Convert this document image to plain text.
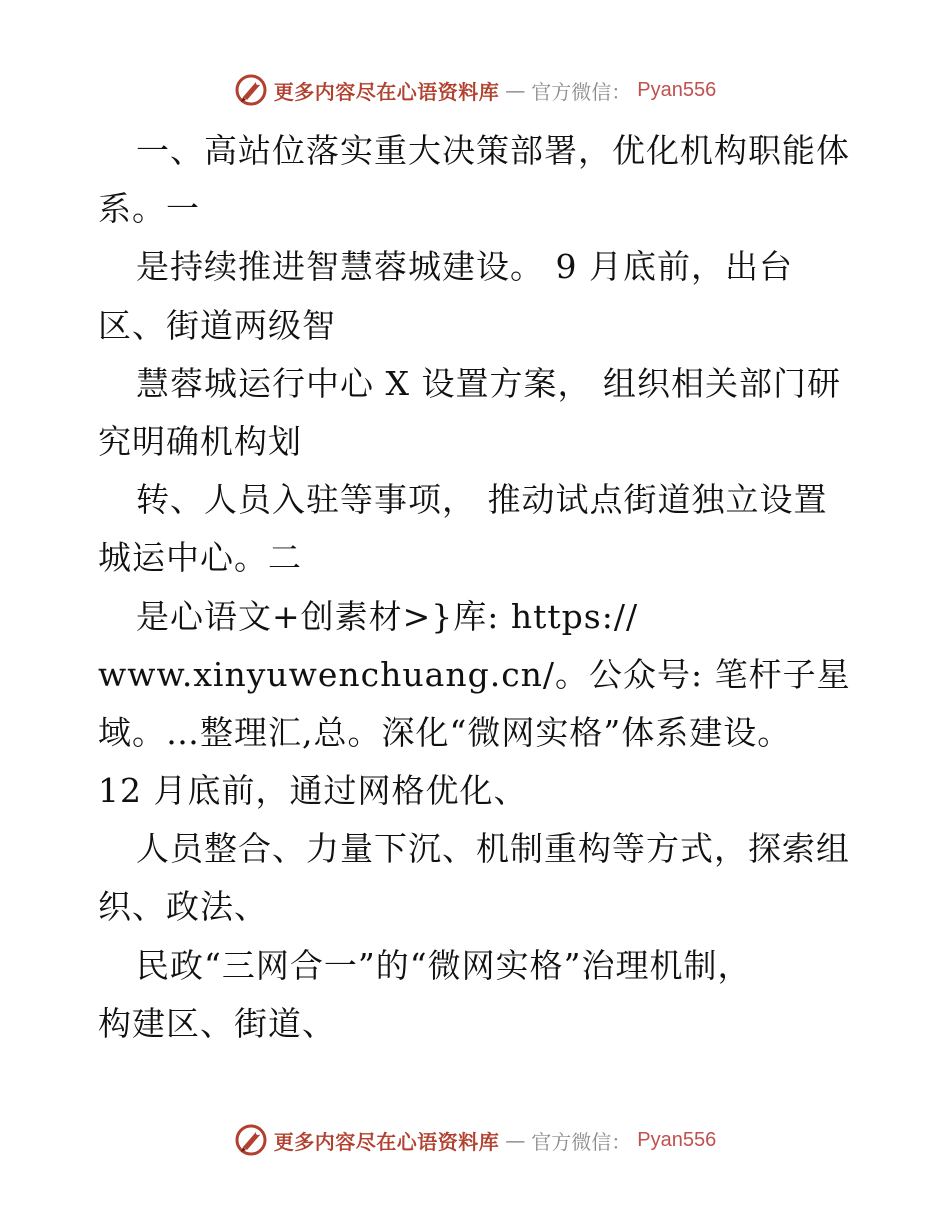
更多内容尽在心语资料库 — 官方微信： Pyan556
一、高站位落实重大决策部署，优化机构职能体
系。一
是持续推进智慧蓉城建设。 9 月底前，出台
区、街道两级智
慧蓉城运行中心 X 设置方案， 组织相关部门研
究明确机构划
转、人员入驻等事项， 推动试点街道独立设置
城运中心。二
是心语文+创素材>}库: https://
www.xinyuwenchuang.cn/。公众号: 笔杆子星
域。…整理汇,总。深化“微网实格”体系建设。
12 月底前，通过网格优化、
人员整合、力量下沉、机制重构等方式，探索组
织、政法、
民政“三网合一”的“微网实格”治理机制，
构建区、街道、
更多内容尽在心语资料库 — 官方微信： Pyan556
